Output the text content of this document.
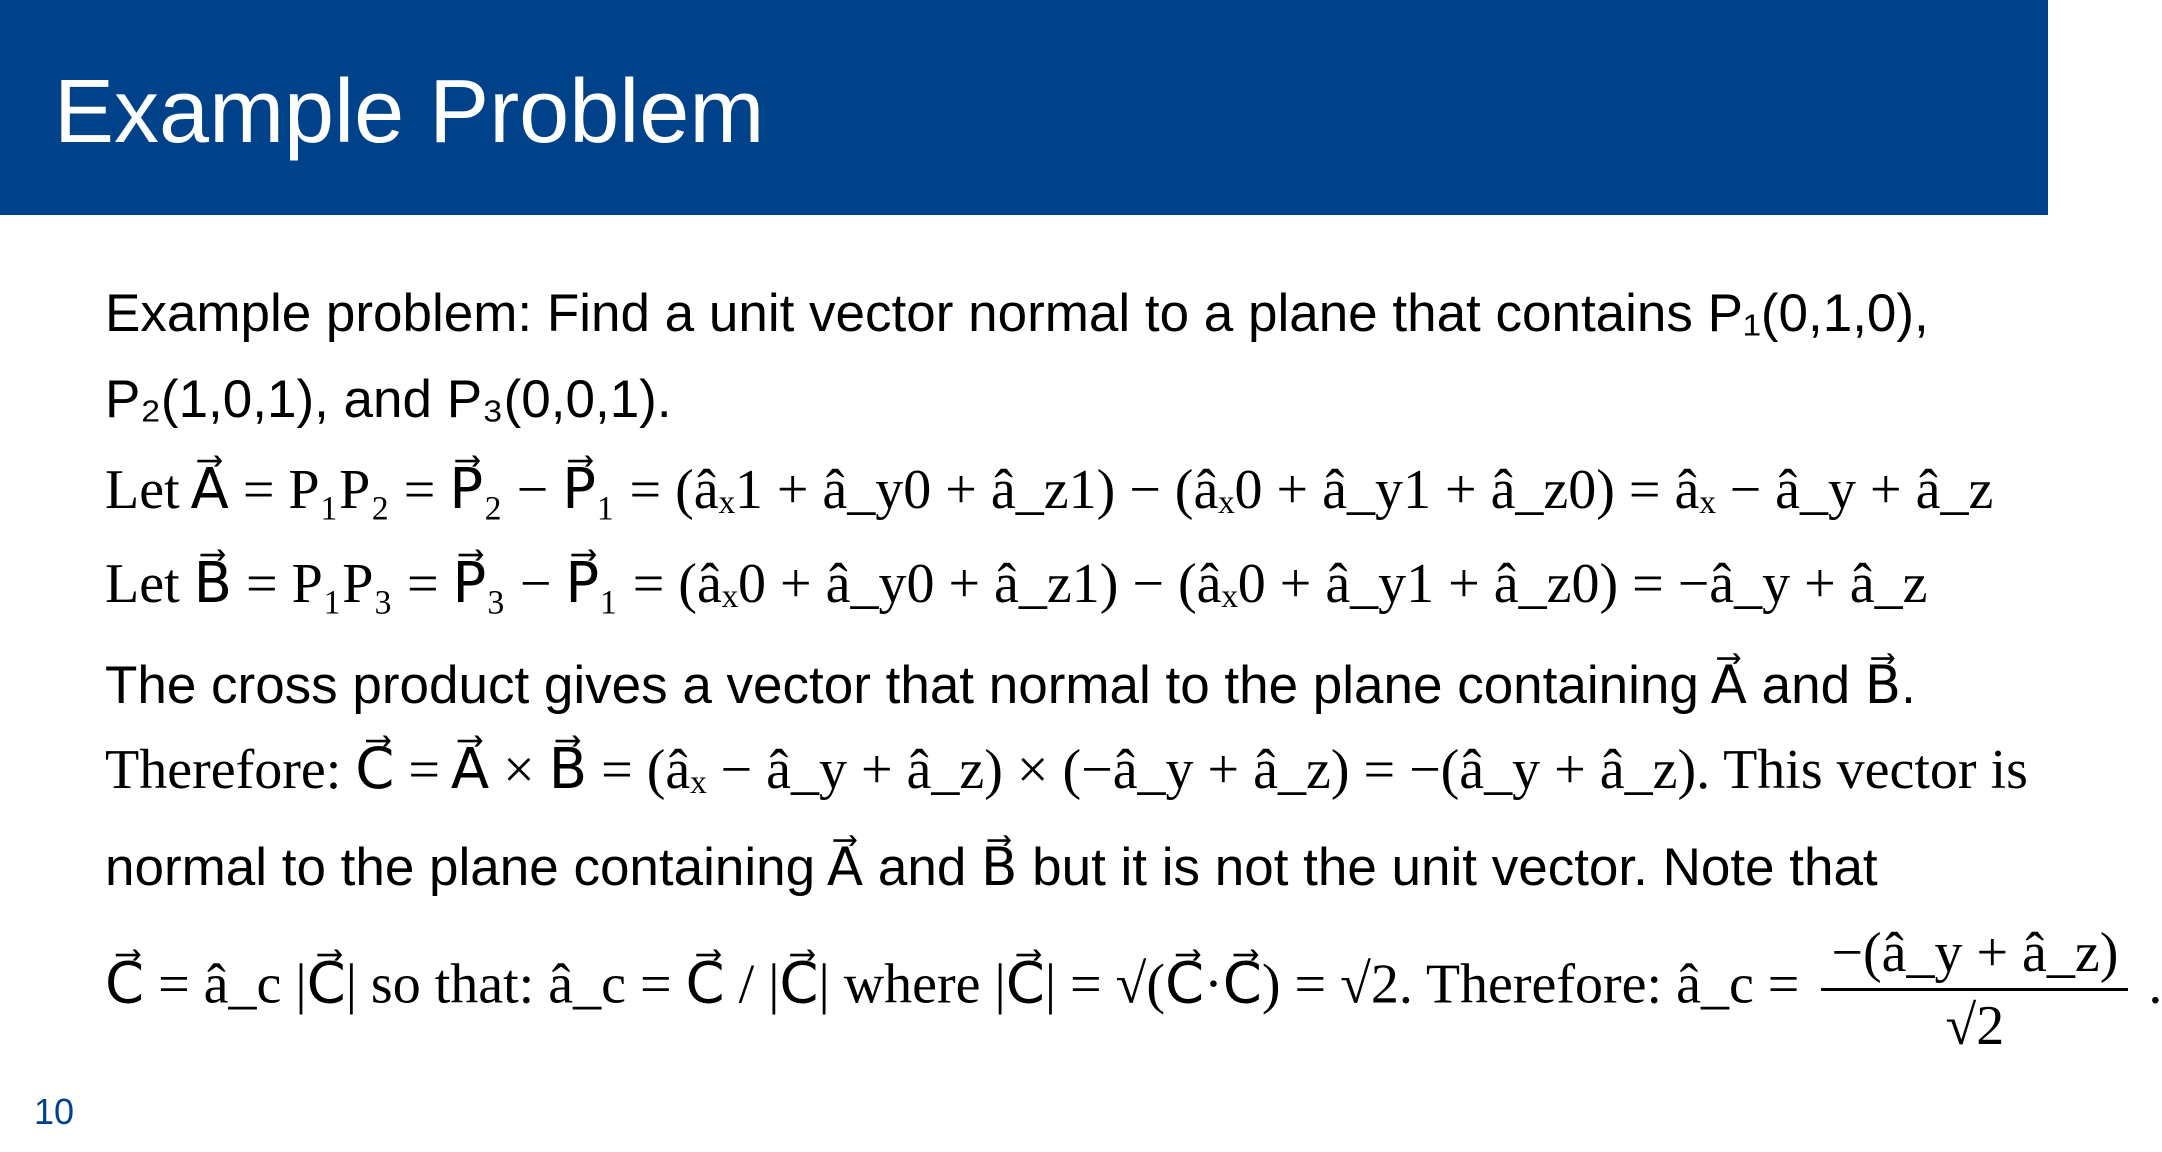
Example Problem
Example problem: Find a unit vector normal to a plane that contains P₁(0,1,0),
P₂(1,0,1), and P₃(0,0,1).
Let A⃗ = P₁P₂ = P⃗₂ − P⃗₁ = (âₓ1 + â_y0 + â_z1) − (âₓ0 + â_y1 + â_z0) = âₓ − â_y + â_z
Let B⃗ = P₁P₃ = P⃗₃ − P⃗₁ = (âₓ0 + â_y0 + â_z1) − (âₓ0 + â_y1 + â_z0) = −â_y + â_z
The cross product gives a vector that normal to the plane containing A⃗ and B⃗.
Therefore: C⃗ = A⃗ × B⃗ = (âₓ − â_y + â_z) × (−â_y + â_z) = −(â_y + â_z). This vector is
normal to the plane containing A⃗ and B⃗ but it is not the unit vector. Note that
C⃗ = â_c |C⃗| so that: â_c = C⃗ / |C⃗| where |C⃗| = √(C⃗·C⃗) = √2. Therefore: â_c = $\frac{-(â\_y + â\_z)}{√2}$ .
10
